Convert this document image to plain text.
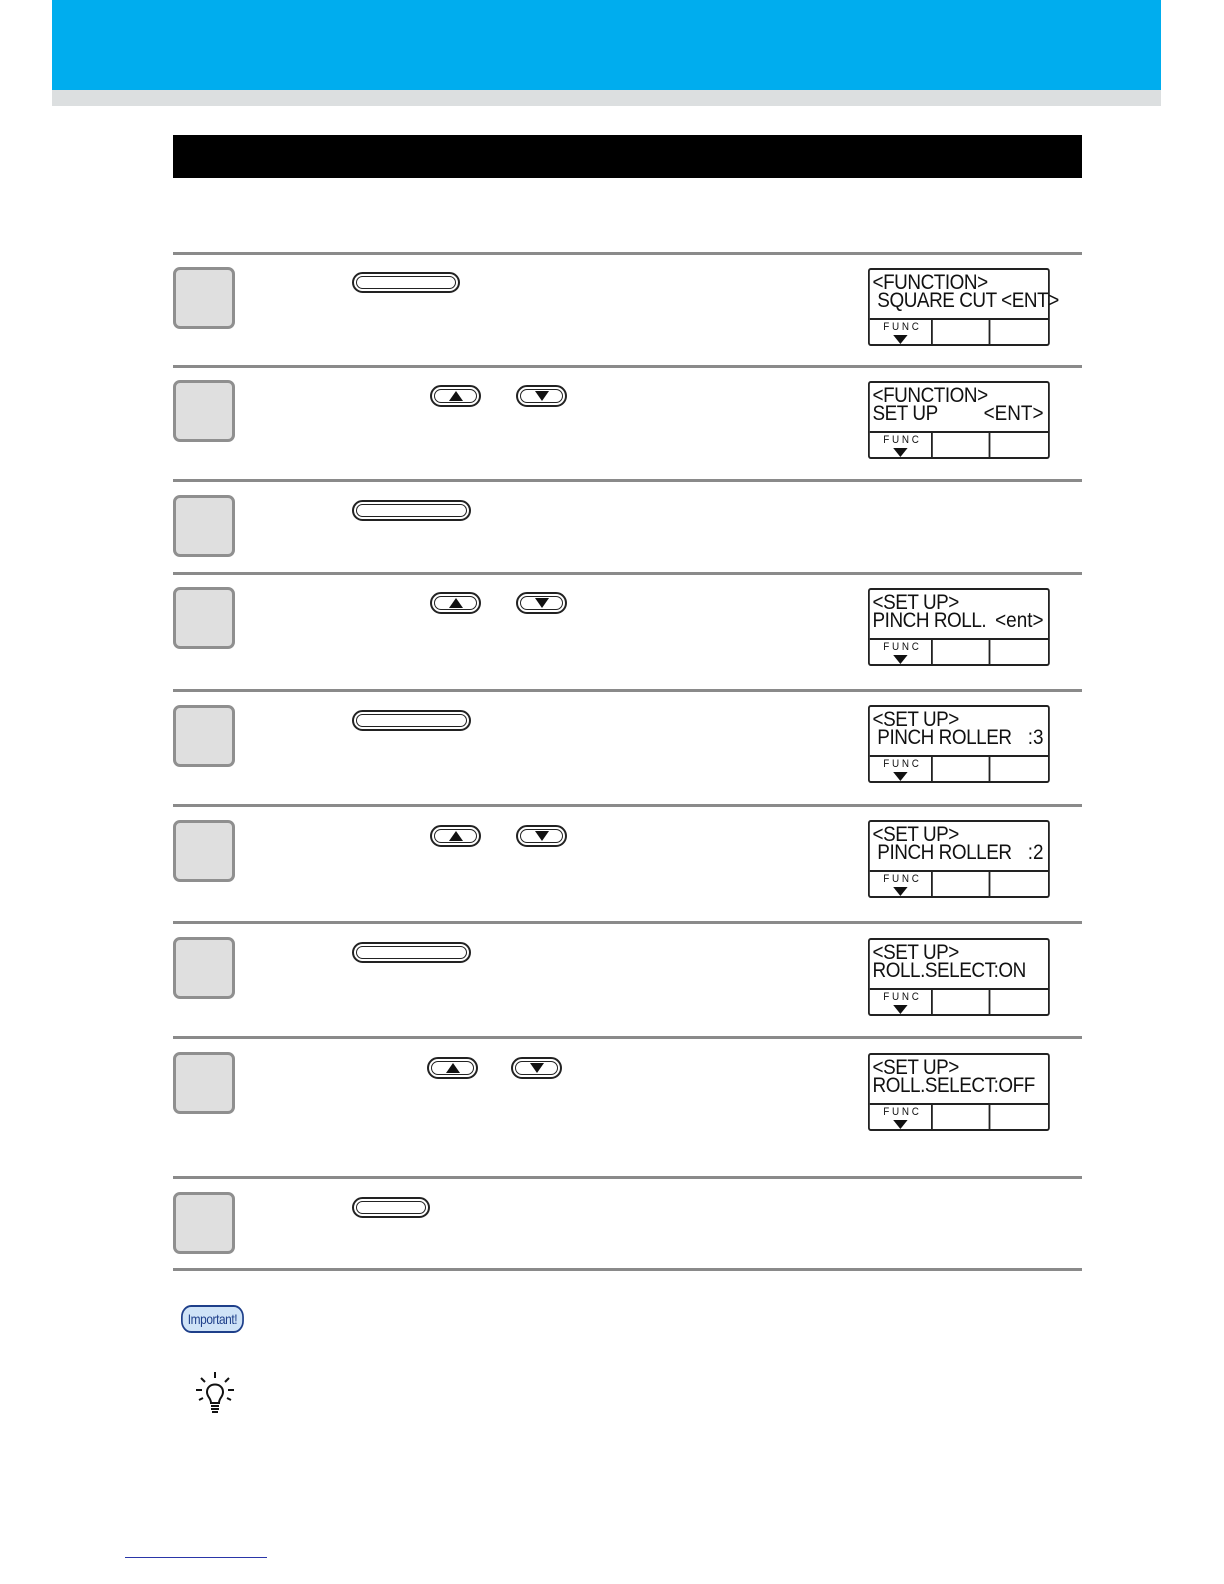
<FUNCTION>
SQUARE CUT <ENT>
FUNC
<FUNCTION>
SET UP <ENT>
FUNC
<SET UP>
PINCH ROLL. <ent>
FUNC
<SET UP>
PINCH ROLLER :3
FUNC
<SET UP>
PINCH ROLLER :2
FUNC
<SET UP>
ROLL.SELECT:ON
FUNC
<SET UP>
ROLL.SELECT:OFF
FUNC
Important!
